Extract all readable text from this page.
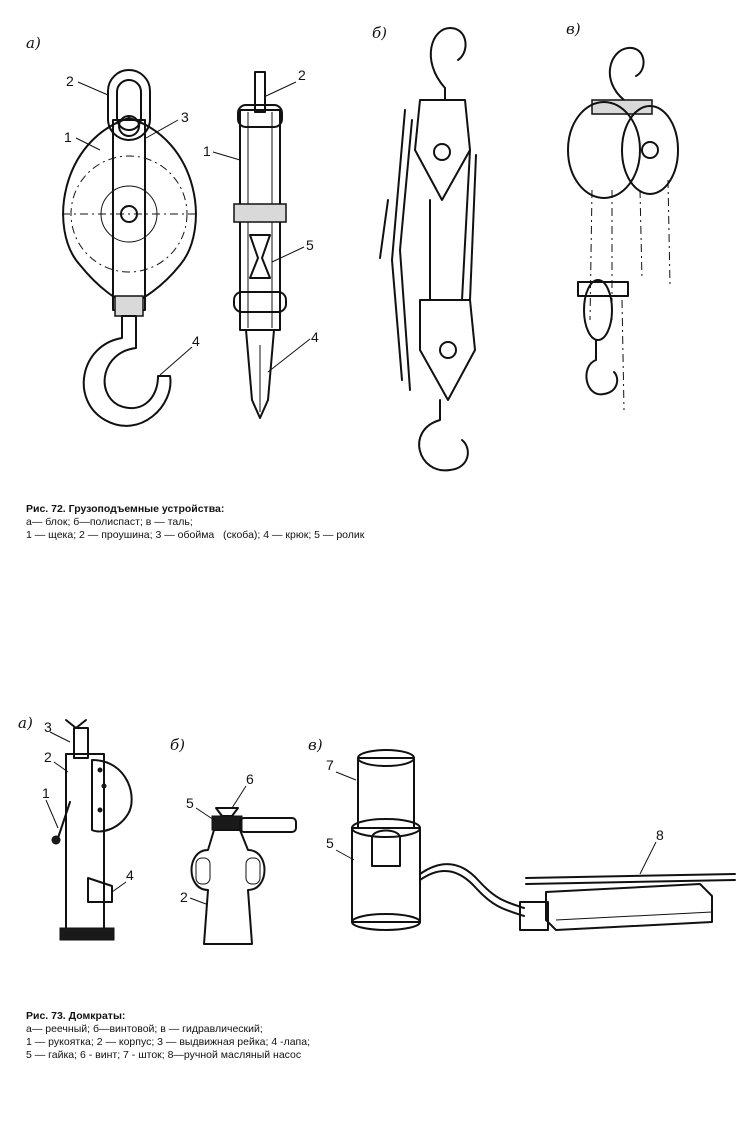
а)
2
1
3
4
2
1
5
4
б)	в)
Рис. 72. Грузоподъемные устройства:
а— блок; б—полиспаст; в — таль;
1 — щека; 2 — проушина; 3 — обойма   (скоба); 4 — крюк; 5 — ролик
а) 3
2
1
4
б)
6
5
2
в)
7
5	8
Рис. 73. Домкраты:
а— реечный; б—винтовой; в — гидравлический;
1 — рукоятка; 2 — корпус; 3 — выдвижная рейка; 4 -лапа;
5 — гайка; 6 - винт; 7 - шток; 8—ручной масляный насос
